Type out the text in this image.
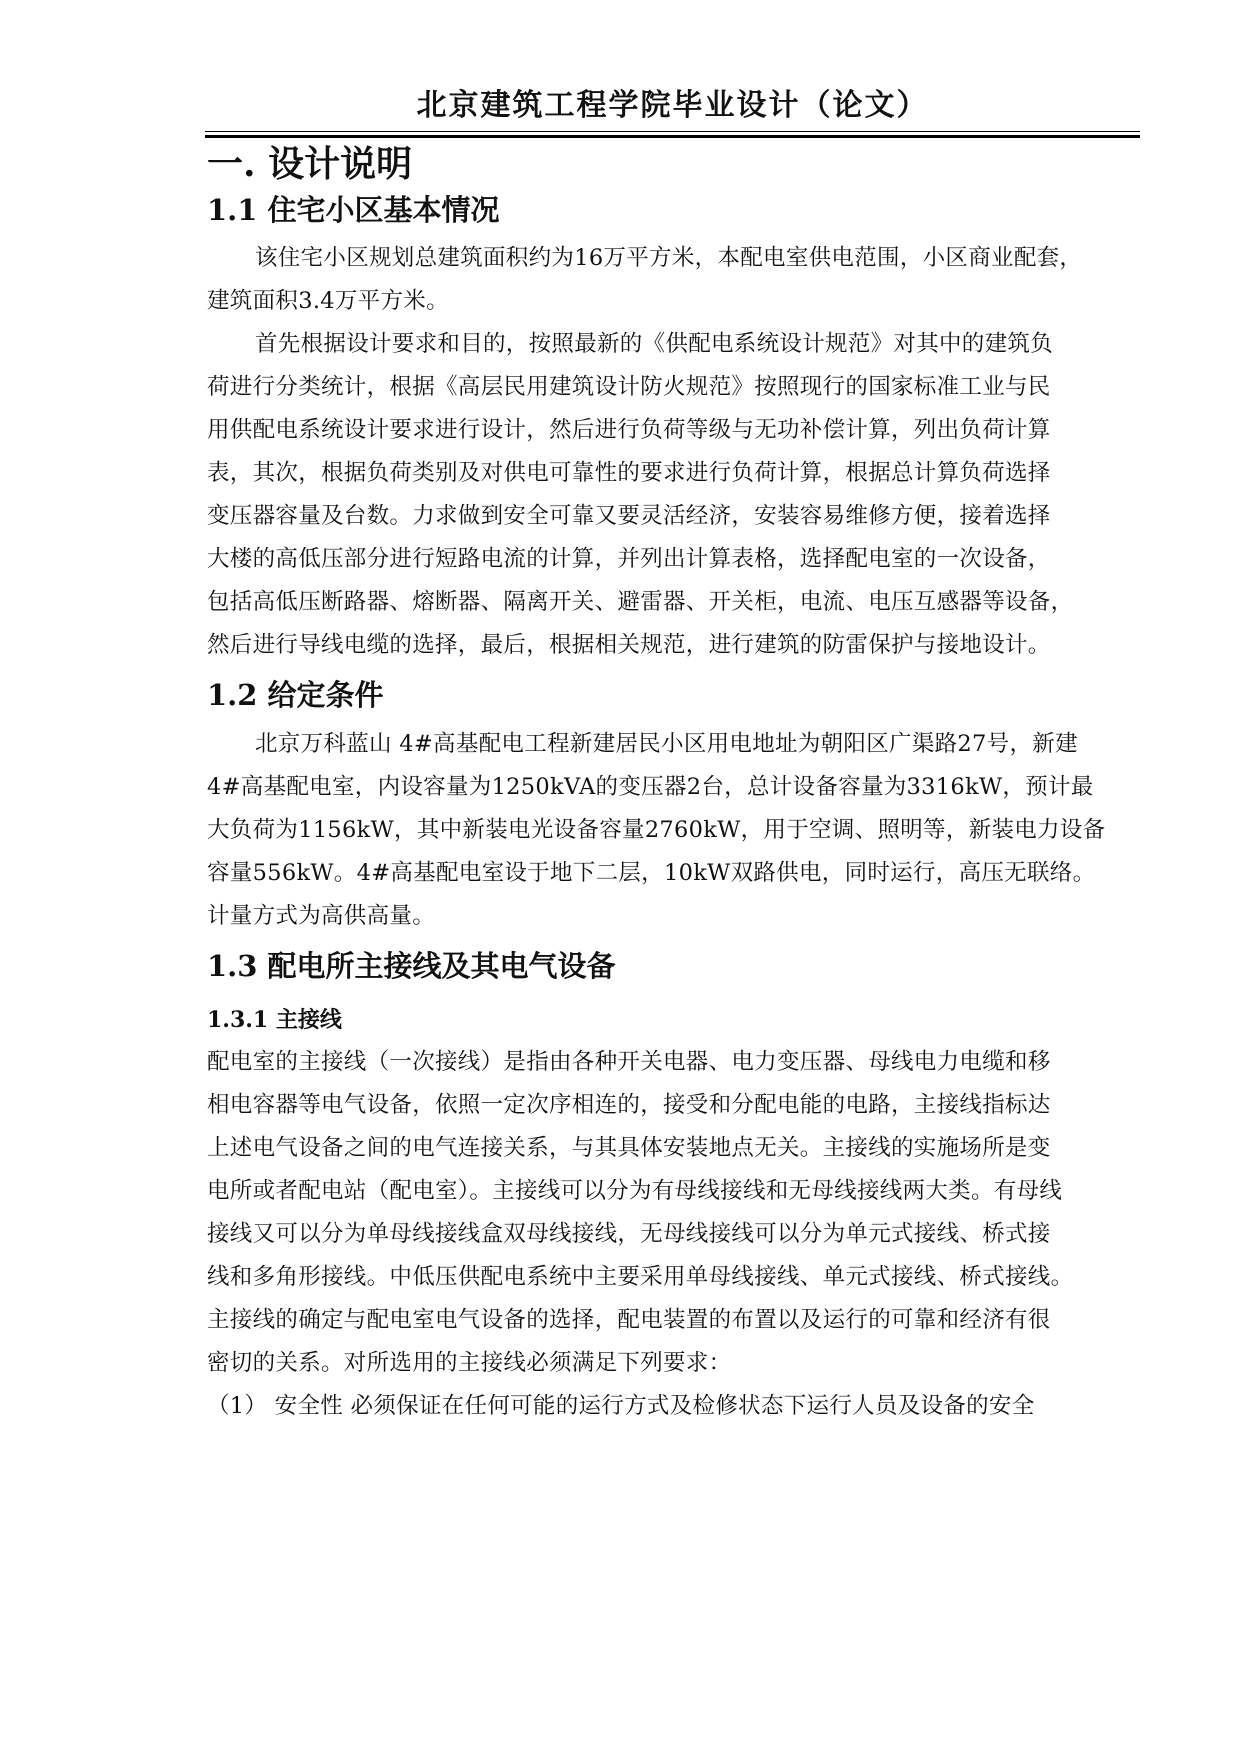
北京建筑工程学院毕业设计（论文）
一. 设计说明
1.1 住宅小区基本情况
该住宅小区规划总建筑面积约为16万平方米，本配电室供电范围，小区商业配套，
建筑面积3.4万平方米。
首先根据设计要求和目的，按照最新的《供配电系统设计规范》对其中的建筑负
荷进行分类统计，根据《高层民用建筑设计防火规范》按照现行的国家标准工业与民
用供配电系统设计要求进行设计，然后进行负荷等级与无功补偿计算，列出负荷计算
表，其次，根据负荷类别及对供电可靠性的要求进行负荷计算，根据总计算负荷选择
变压器容量及台数。力求做到安全可靠又要灵活经济，安装容易维修方便，接着选择
大楼的高低压部分进行短路电流的计算，并列出计算表格，选择配电室的一次设备，
包括高低压断路器、熔断器、隔离开关、避雷器、开关柜，电流、电压互感器等设备，
然后进行导线电缆的选择，最后，根据相关规范，进行建筑的防雷保护与接地设计。
1.2 给定条件
北京万科蓝山 4#高基配电工程新建居民小区用电地址为朝阳区广渠路27号，新建
4#高基配电室，内设容量为1250kVA的变压器2台，总计设备容量为3316kW，预计最
大负荷为1156kW，其中新装电光设备容量2760kW，用于空调、照明等，新装电力设备
容量556kW。4#高基配电室设于地下二层，10kW双路供电，同时运行，高压无联络。
计量方式为高供高量。
1.3 配电所主接线及其电气设备
1.3.1 主接线
配电室的主接线（一次接线）是指由各种开关电器、电力变压器、母线电力电缆和移
相电容器等电气设备，依照一定次序相连的，接受和分配电能的电路，主接线指标达
上述电气设备之间的电气连接关系，与其具体安装地点无关。主接线的实施场所是变
电所或者配电站（配电室）。主接线可以分为有母线接线和无母线接线两大类。有母线
接线又可以分为单母线接线盒双母线接线，无母线接线可以分为单元式接线、桥式接
线和多角形接线。中低压供配电系统中主要采用单母线接线、单元式接线、桥式接线。
主接线的确定与配电室电气设备的选择，配电装置的布置以及运行的可靠和经济有很
密切的关系。对所选用的主接线必须满足下列要求：
（1） 安全性 必须保证在任何可能的运行方式及检修状态下运行人员及设备的安全
